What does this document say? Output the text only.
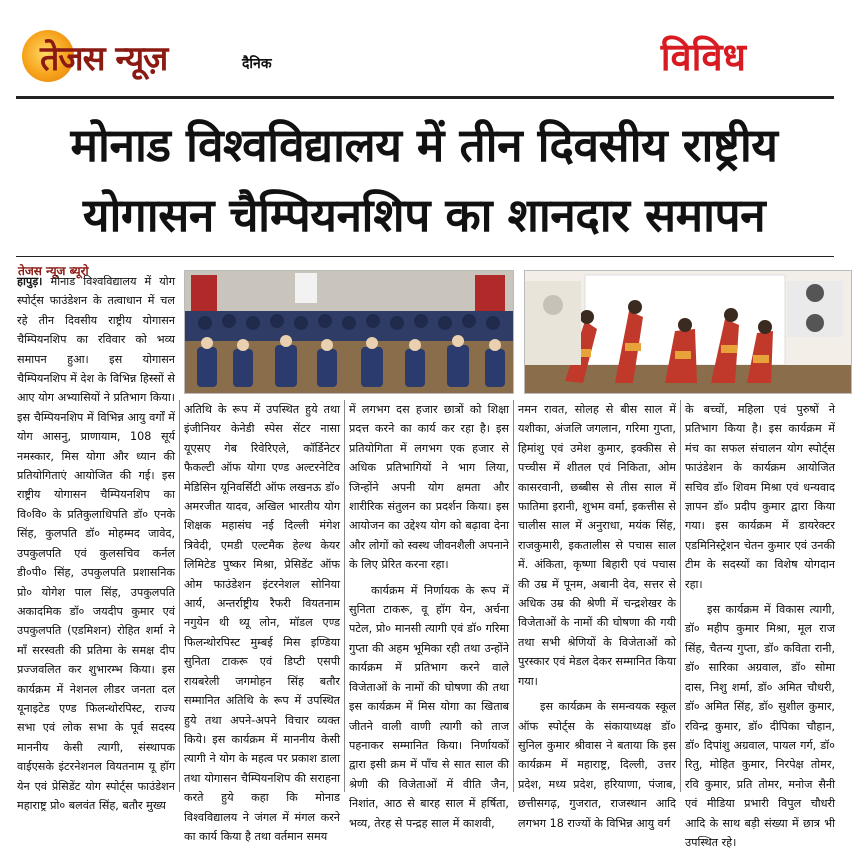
तेजस न्यूज़	दैनिक	विविध
मोनाड विश्वविद्यालय में तीन दिवसीय राष्ट्रीय
योगासन चैम्पियनशिप का शानदार समापन
तेजस न्यूज ब्यूरो

हापुड़। मोनाड विश्वविद्यालय में योग स्पोर्ट्स फाउंडेशन के तत्वाधान में चल रहे तीन दिवसीय राष्ट्रीय योगासन चैम्पियनशिप का रविवार को भव्य समापन हुआ। इस योगासन चैम्पियनशिप में देश के विभिन्न हिस्सों से आए योग अभ्यासियों ने प्रतिभाग किया। इस चैम्पियनशिप में विभिन्न आयु वर्गों में योग आसनु, प्राणायाम, 108 सूर्य नमस्कार, मिस योगा और ध्यान की प्रतियोगिताएं आयोजित की गई। इस राष्ट्रीय योगासन चैम्पियनशिप का वि०वि० के प्रतिकुलाधिपति डॉ० एनके सिंह, कुलपति डॉ० मोहम्मद जावेद, उपकुलपति एवं कुलसचिव कर्नल डी०पी० सिंह, उपकुलपति प्रशासनिक प्रो० योगेश पाल सिंह, उपकुलपति अकादमिक डॉ० जयदीप कुमार एवं उपकुलपति (एडमिशन) रोहित शर्मा ने माँ सरस्वती की प्रतिमा के समक्ष दीप प्रज्जवलित कर शुभारम्भ किया। इस कार्यक्रम में नेशनल लीडर जनता दल यूनाइटेड एण्ड फिलन्थोरपिस्ट, राज्य सभा एवं लोक सभा के पूर्व सदस्य माननीय केसी त्यागी, संस्थापक वाईएसके इंटरनेशनल वियतनाम यू हॉग येन एवं प्रेसिडेंट योग स्पोर्ट्स फाउंडेशन महाराष्ट्र प्रो० बलवंत सिंह, बतौर मुख्य

अतिथि के रूप में उपस्थित हुये तथा इंजीनियर केनेडी स्पेस सेंटर नासा यूएसए गेब रिवेरिएले, कॉर्डिनेटर फैकल्टी ऑफ योगा एण्ड अल्टरनेटिव मेडिसिन यूनिवर्सिटी ऑफ लखनऊ डॉ० अमरजीत यादव, अखिल भारतीय योग शिक्षक महासंघ नई दिल्ली मंगेश त्रिवेदी, एमडी एल्टमैक हेल्थ केयर लिमिटेड पुष्कर मिश्रा, प्रेसिडेंट ऑफ ओम फाउंडेशन इंटरनेशल सोनिया आर्य, अन्तर्राष्ट्रीय रैफरी वियतनाम नगुयेन थी थ्यू लोन, मॉडल एण्ड फिलन्थोरपिस्ट मुम्बई मिस इण्डिया सुनिता टाकरू एवं डिप्टी एसपी रायबरेली जगमोहन सिंह बतौर सम्मानित अतिथि के रूप में उपस्थित हुये तथा अपने-अपने विचार व्यक्त किये। इस कार्यक्रम में माननीय केसी त्यागी ने योग के महत्व पर प्रकाश डाला तथा योगासन चैम्पियनशिप की सराहना करते हुये कहा कि मोनाड विश्वविद्यालय ने जंगल में मंगल करने का कार्य किया है तथा वर्तमान समय

में लगभग दस हजार छात्रों को शिक्षा प्रदत्त करने का कार्य कर रहा है। इस प्रतियोगिता में लगभग एक हजार से अधिक प्रतिभागियों ने भाग लिया, जिन्होंने अपनी योग क्षमता और शारीरिक संतुलन का प्रदर्शन किया। इस आयोजन का उद्देश्य योग को बढ़ावा देना और लोगों को स्वस्थ जीवनशैली अपनाने के लिए प्रेरित करना रहा।

कार्यक्रम में निर्णायक के रूप में सुनिता टाकरू, वू हॉग येन, अर्चना पटेल, प्रो० मानसी त्यागी एवं डॉ० गरिमा गुप्ता की अहम भूमिका रही तथा उन्होंने कार्यक्रम में प्रतिभाग करने वाले विजेताओं के नामों की घोषणा की तथा इस कार्यक्रम में मिस योगा का खिताब जीतने वाली वाणी त्यागी को ताज पहनाकर सम्मानित किया। निर्णायकों द्वारा इसी क्रम में पाँच से सात साल की श्रेणी की विजेताओं में वीति जैन, निशांत, आठ से बारह साल में हर्षिता, भव्य, तेरह से पन्द्रह साल में काशवी,

नमन रावत, सोलह से बीस साल में यशीका, अंजलि जगलान, गरिमा गुप्ता, हिमांशु एवं उमेश कुमार, इक्कीस से पच्चीस में शीतल एवं निकिता, ओम कासरवानी, छब्बीस से तीस साल में फातिमा इरानी, शुभम वर्मा, इकत्तीस से चालीस साल में अनुराधा, मयंक सिंह, राजकुमारी, इकतालीस से पचास साल में. अंकिता, कृष्णा बिहारी एवं पचास की उम्र में पूनम, अबानी देव, सत्तर से अधिक उम्र की श्रेणी में चन्द्रशेखर के विजेताओं के नामों की घोषणा की गयी तथा सभी श्रेणियों के विजेताओं को पुरस्कार एवं मेडल देकर सम्मानित किया गया।

इस कार्यक्रम के समन्वयक स्कूल ऑफ स्पोर्ट्स के संकायाध्यक्ष डॉ० सुनिल कुमार श्रीवास ने बताया कि इस कार्यक्रम में महाराष्ट्र, दिल्ली, उत्तर प्रदेश, मध्य प्रदेश, हरियाणा, पंजाब, छत्तीसगढ़, गुजरात, राजस्थान आदि लगभग 18 राज्यों के विभिन्न आयु वर्ग

के बच्चों, महिला एवं पुरुषों ने प्रतिभाग किया है। इस कार्यक्रम में मंच का सफल संचालन योग स्पोर्ट्स फाउंडेशन के कार्यक्रम आयोजित सचिव डॉ० शिवम मिश्रा एवं धन्यवाद ज्ञापन डॉ० प्रदीप कुमार द्वारा किया गया। इस कार्यक्रम में डायरेक्टर एडमिनिस्ट्रेशन चेतन कुमार एवं उनकी टीम के सदस्यों का विशेष योगदान रहा।

इस कार्यक्रम में विकास त्यागी, डॉ० महीप कुमार मिश्रा, मूल राज सिंह, चैतन्य गुप्ता, डॉ० कविता रानी, डॉ० सारिका अग्रवाल, डॉ० सोमा दास, निशु शर्मा, डॉ० अमित चौधरी, डॉ० अमित सिंह, डॉ० सुशील कुमार, रविन्द्र कुमार, डॉ० दीपिका चौहान, डॉ० दिपांशु अग्रवाल, पायल गर्ग, डॉ० रितु, मोहित कुमार, निरपेक्ष तोमर, रवि कुमार, प्रति तोमर, मनोज सैनी एवं मीडिया प्रभारी विपुल चौधरी आदि के साथ बड़ी संख्या में छात्र भी उपस्थित रहे।
